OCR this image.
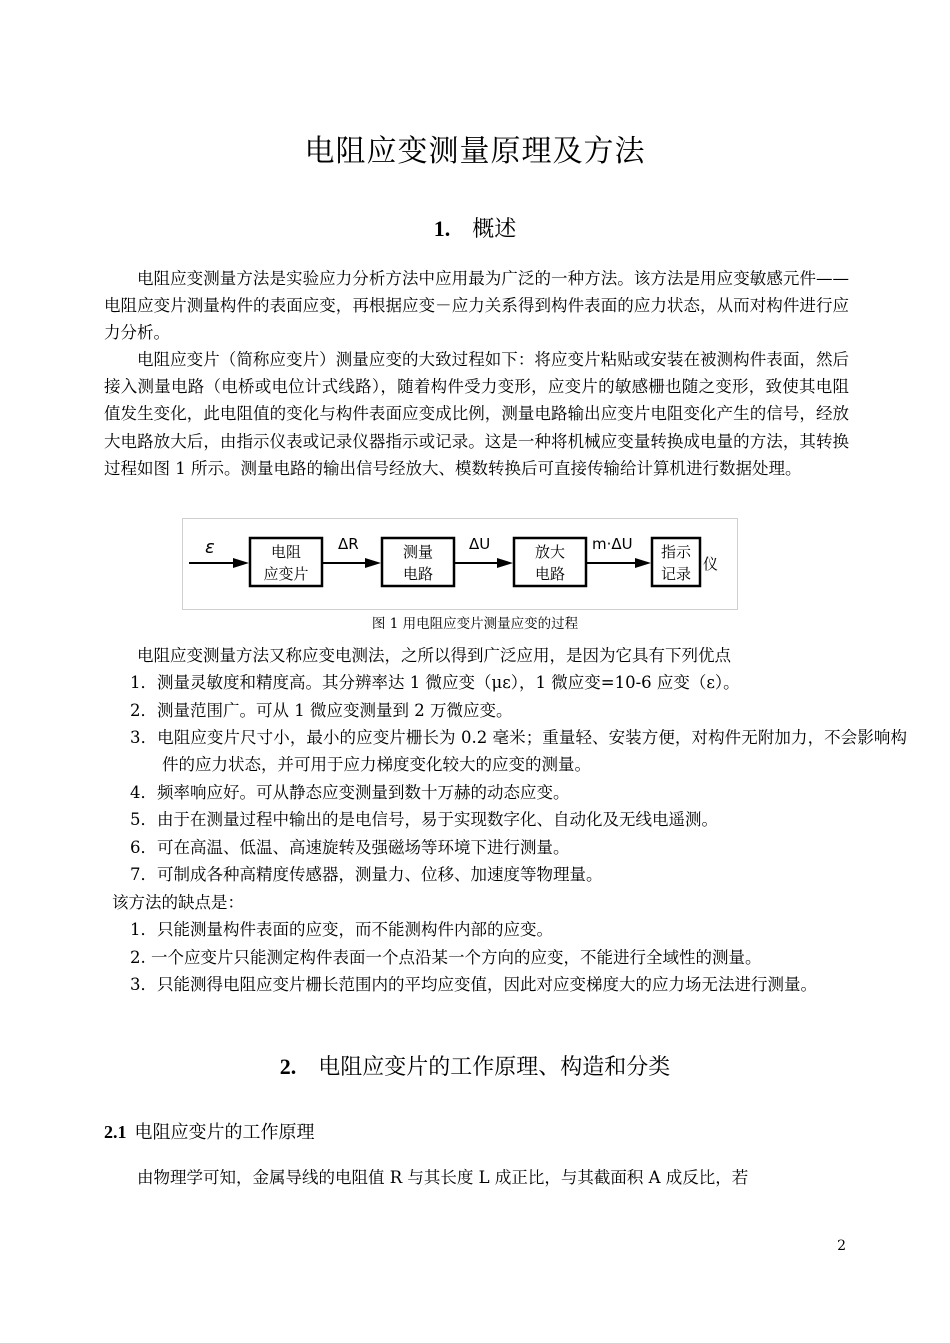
电阻应变测量原理及方法
1. 概述

电阻应变测量方法是实验应力分析方法中应用最为广泛的一种方法。该方法是用应变敏感元件——电阻应变片测量构件的表面应变，再根据应变－应力关系得到构件表面的应力状态，从而对构件进行应力分析。

电阻应变片（简称应变片）测量应变的大致过程如下：将应变片粘贴或安装在被测构件表面，然后接入测量电路（电桥或电位计式线路），随着构件受力变形，应变片的敏感栅也随之变形，致使其电阻值发生变化，此电阻值的变化与构件表面应变成比例，测量电路输出应变片电阻变化产生的信号，经放大电路放大后，由指示仪表或记录仪器指示或记录。这是一种将机械应变量转换成电量的方法，其转换过程如图 1 所示。测量电路的输出信号经放大、模数转换后可直接传输给计算机进行数据处理。

ε	电阻
应变片
ΔR	测量
电路
ΔU	放大
电路
m·ΔU 指示
记录
仪
图 1 用电阻应变片测量应变的过程

电阻应变测量方法又称应变电测法，之所以得到广泛应用，是因为它具有下列优点

1．测量灵敏度和精度高。其分辨率达 1 微应变（με），1 微应变=10-6 应变（ε）。

2．测量范围广。可从 1 微应变测量到 2 万微应变。

3．电阻应变片尺寸小，最小的应变片栅长为 0.2 毫米；重量轻、安装方便，对构件无附加力，不会影响构件的应力状态，并可用于应力梯度变化较大的应变的测量。

4．频率响应好。可从静态应变测量到数十万赫的动态应变。

5．由于在测量过程中输出的是电信号，易于实现数字化、自动化及无线电遥测。

6．可在高温、低温、高速旋转及强磁场等环境下进行测量。

7．可制成各种高精度传感器，测量力、位移、加速度等物理量。

该方法的缺点是：

1．只能测量构件表面的应变，而不能测构件内部的应变。

2. 一个应变片只能测定构件表面一个点沿某一个方向的应变，不能进行全域性的测量。

3．只能测得电阻应变片栅长范围内的平均应变值，因此对应变梯度大的应力场无法进行测量。

2. 电阻应变片的工作原理、构造和分类
2.1 电阻应变片的工作原理

由物理学可知，金属导线的电阻值 R 与其长度 L 成正比，与其截面积 A 成反比，若

2
